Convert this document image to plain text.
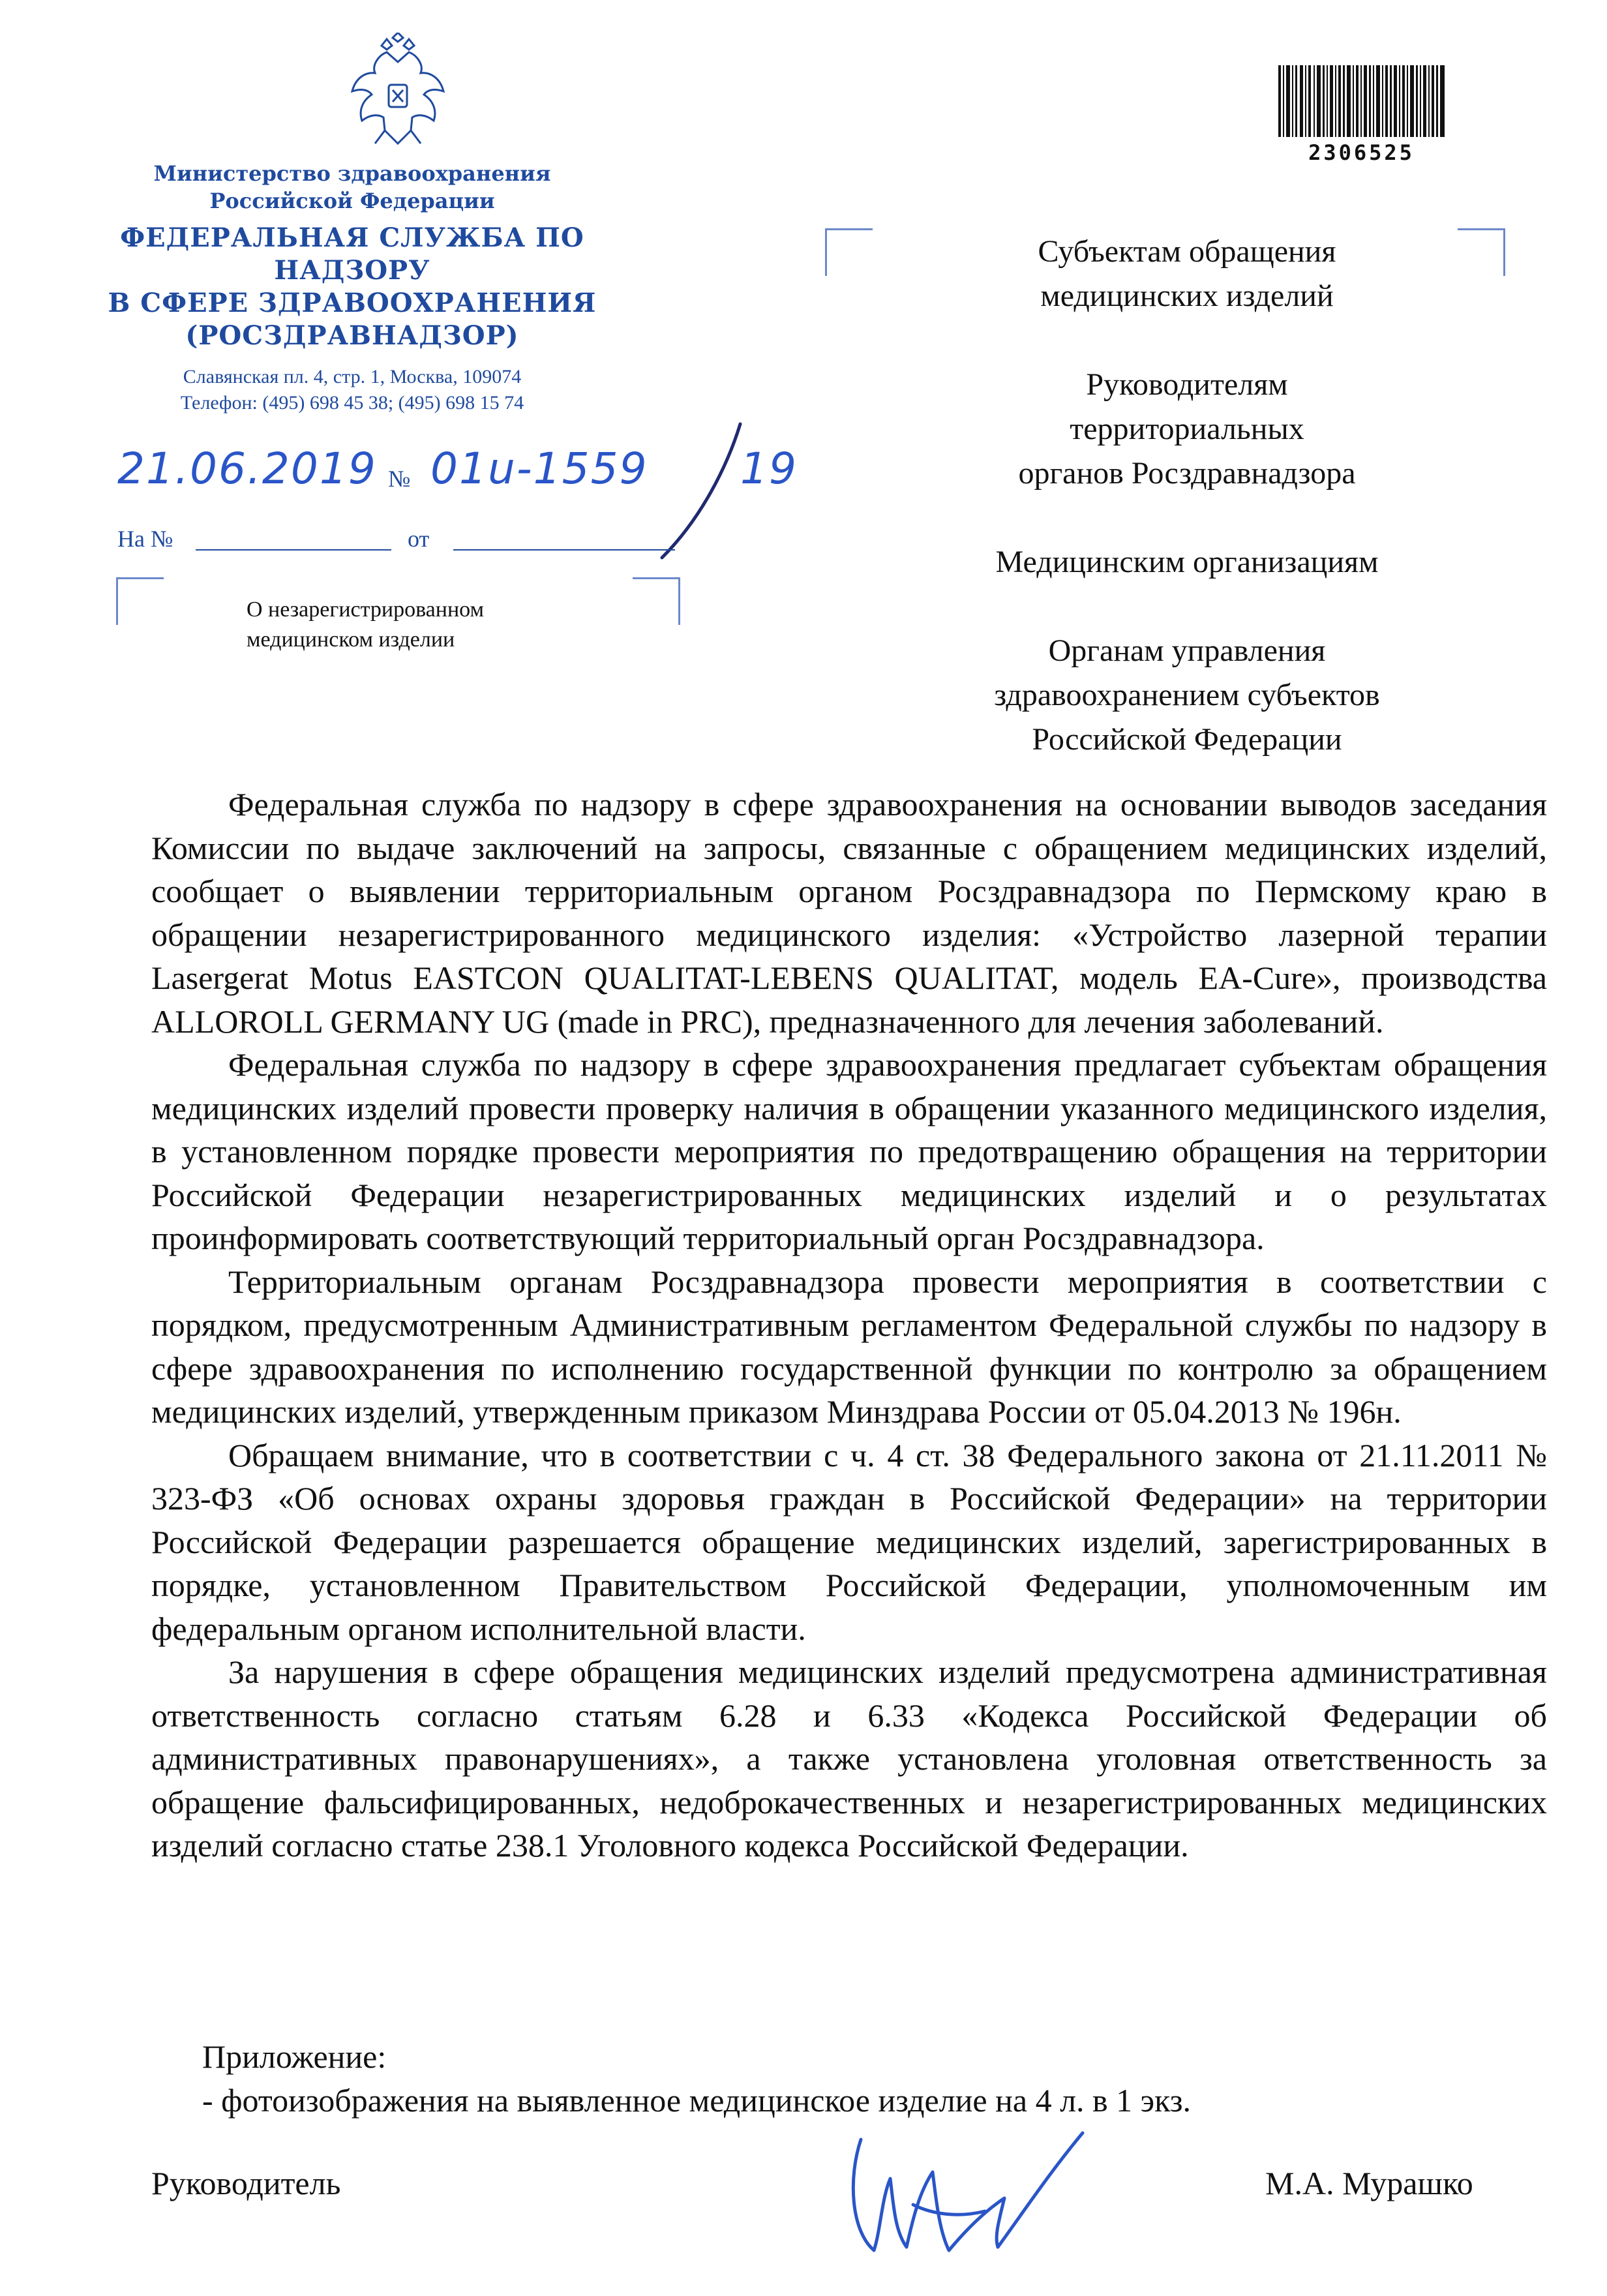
Министерство здравоохранения
Российской Федерации
ФЕДЕРАЛЬНАЯ СЛУЖБА ПО НАДЗОРУ
В СФЕРЕ ЗДРАВООХРАНЕНИЯ
(РОСЗДРАВНАДЗОР)
Славянская пл. 4, стр. 1, Москва, 109074
Телефон: (495) 698 45 38; (495) 698 15 74
21.06.2019 № 01u-1559 19
На №	от
О незарегистрированном
медицинском изделии
2306525
Субъектам обращения
медицинских изделий
Руководителям
территориальных
органов Росздравнадзора
Медицинским организациям
Органам управления
здравоохранением субъектов
Российской Федерации

Федеральная служба по надзору в сфере здравоохранения на основании выводов заседания Комиссии по выдаче заключений на запросы, связанные с обращением медицинских изделий, сообщает о выявлении территориальным органом Росздравнадзора по Пермскому краю в обращении незарегистрированного медицинского изделия: «Устройство лазерной терапии Lasergerat Motus EASTCON QUALITAT-LEBENS QUALITAT, модель EA-Cure», производства ALLOROLL GERMANY UG (made in PRC), предназначенного для лечения заболеваний.

Федеральная служба по надзору в сфере здравоохранения предлагает субъектам обращения медицинских изделий провести проверку наличия в обращении указанного медицинского изделия, в установленном порядке провести мероприятия по предотвращению обращения на территории Российской Федерации незарегистрированных медицинских изделий и о результатах проинформировать соответствующий территориальный орган Росздравнадзора.

Территориальным органам Росздравнадзора провести мероприятия в соответствии с порядком, предусмотренным Административным регламентом Федеральной службы по надзору в сфере здравоохранения по исполнению государственной функции по контролю за обращением медицинских изделий, утвержденным приказом Минздрава России от 05.04.2013 № 196н.

Обращаем внимание, что в соответствии с ч. 4 ст. 38 Федерального закона от 21.11.2011 № 323-ФЗ «Об основах охраны здоровья граждан в Российской Федерации» на территории Российской Федерации разрешается обращение медицинских изделий, зарегистрированных в порядке, установленном Правительством Российской Федерации, уполномоченным им федеральным органом исполнительной власти.

За нарушения в сфере обращения медицинских изделий предусмотрена административная ответственность согласно статьям 6.28 и 6.33 «Кодекса Российской Федерации об административных правонарушениях», а также установлена уголовная ответственность за обращение фальсифицированных, недоброкачественных и незарегистрированных медицинских изделий согласно статье 238.1 Уголовного кодекса Российской Федерации.

Приложение:
- фотоизображения на выявленное медицинское изделие на 4 л. в 1 экз.
Руководитель	М.А. Мурашко
